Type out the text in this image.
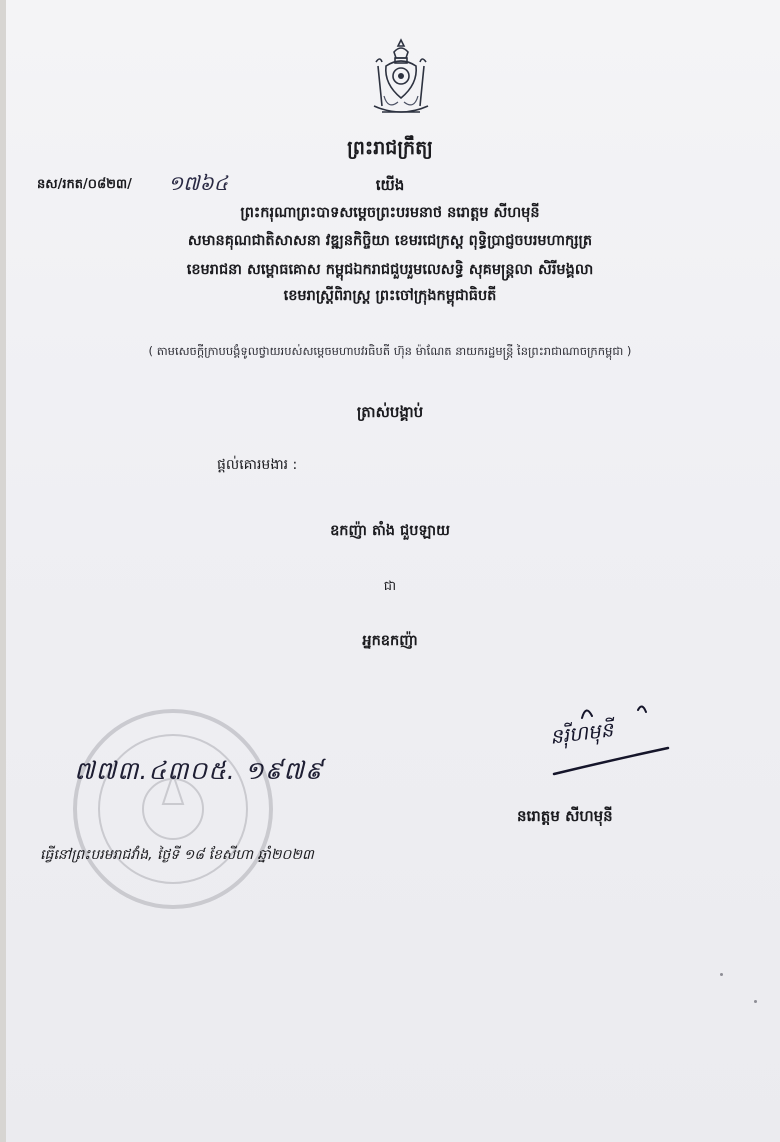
ព្រះរាជក្រឹត្យ
នស/រកត/០៨២៣/ ១៧៦៤	យើង
ព្រះករុណាព្រះបាទសម្តេចព្រះបរមនាថ នរោត្តម សីហមុនី
សមានគុណជាតិសាសនា វឌ្ឍនកិច្ចិយា ខេមរជេក្រស្ត ពុទ្ធិប្រាជ្ញចបរមហាក្សត្រ
ខេមរាជនា សម្ពោធគោស កម្ពុជឯករាជជួបរួមលេសទ្ធិ សុគមន្ត្រលា សិរីមង្គលា
ខេមរាស្រ្តីពិរាស្រ្ត ព្រះចៅក្រុងកម្ពុជាធិបតី
( តាមសេចក្តីក្រាបបង្គំទូលថ្វាយរបស់សម្តេចមហាបវរធិបតី ហ៊ុន ម៉ាណែត នាយករដ្ឋមន្ត្រី នៃព្រះរាជាណាចក្រកម្ពុជា )
ត្រាស់បង្គាប់
ផ្តល់គោរមងារ :
ឧកញ៉ា តាំង ជួបឡាយ
ជា
អ្នកឧកញ៉ា
៧៧៣.៤៣០៥. ១៩៧៩
នរ៉ីហមុនី
នរោត្តម សីហមុនី
ធ្វើនៅព្រះបរមរាជវាំង, ថ្ងៃទី ១៨ ខែសីហា ឆ្នាំ២០២៣
